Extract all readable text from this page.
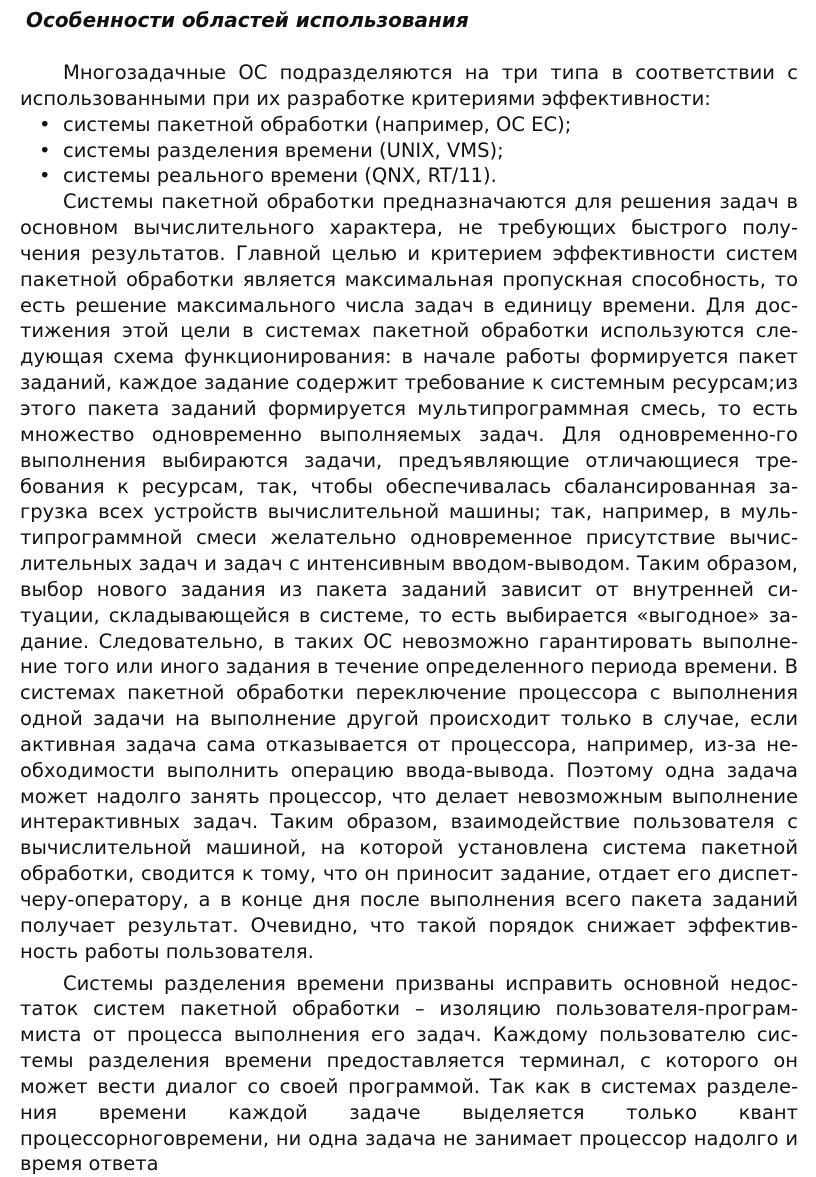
Особенности областей использования

Многозадачные ОС подразделяются на три типа в соответствии с использованными при их разработке критериями эффективности:

• системы пакетной обработки (например, ОС ЕС);
• системы разделения времени (UNIX, VMS);
• системы реального времени (QNX, RT/11).

Системы пакетной обработки предназначаются для решения задач в основном вычислительного характера, не требующих быстрого получения результатов. Главной целью и критерием эффективности систем пакетной обработки является максимальная пропускная способность, то есть решение максимального числа задач в единицу времени. Для достижения этой цели в системах пакетной обработки используются следующая схема функционирования: в начале работы формируется пакет заданий, каждое задание содержит требование к системным ресурсам;из этого пакета заданий формируется мультипрограммная смесь, то есть множество одновременно выполняемых задач. Для одновременно-го выполнения выбираются задачи, предъявляющие отличающиеся требования к ресурсам, так, чтобы обеспечивалась сбалансированная загрузка всех устройств вычислительной машины; так, например, в мультипрограммной смеси желательно одновременное присутствие вычислительных задач и задач с интенсивным вводом-выводом. Таким образом, выбор нового задания из пакета заданий зависит от внутренней ситуации, складывающейся в системе, то есть выбирается «выгодное» задание. Следовательно, в таких ОС невозможно гарантировать выполнение того или иного задания в течение определенного периода времени. В системах пакетной обработки переключение процессора с выполнения одной задачи на выполнение другой происходит только в случае, если активная задача сама отказывается от процессора, например, из-за необходимости выполнить операцию ввода-вывода. Поэтому одна задача может надолго занять процессор, что делает невозможным выполнение интерактивных задач. Таким образом, взаимодействие пользователя с вычислительной машиной, на которой установлена система пакетной обработки, сводится к тому, что он приносит задание, отдает его диспетчеру-оператору, а в конце дня после выполнения всего пакета заданий получает результат. Очевидно, что такой порядок снижает эффективность работы пользователя.

Системы разделения времени призваны исправить основной недостаток систем пакетной обработки – изоляцию пользователя-программиста от процесса выполнения его задач. Каждому пользователю системы разделения времени предоставляется терминал, с которого он может вести диалог со своей программой. Так как в системах разделе- ния времени каждой задаче выделяется только квант процессорноговремени, ни одна задача не занимает процессор надолго и время ответа
